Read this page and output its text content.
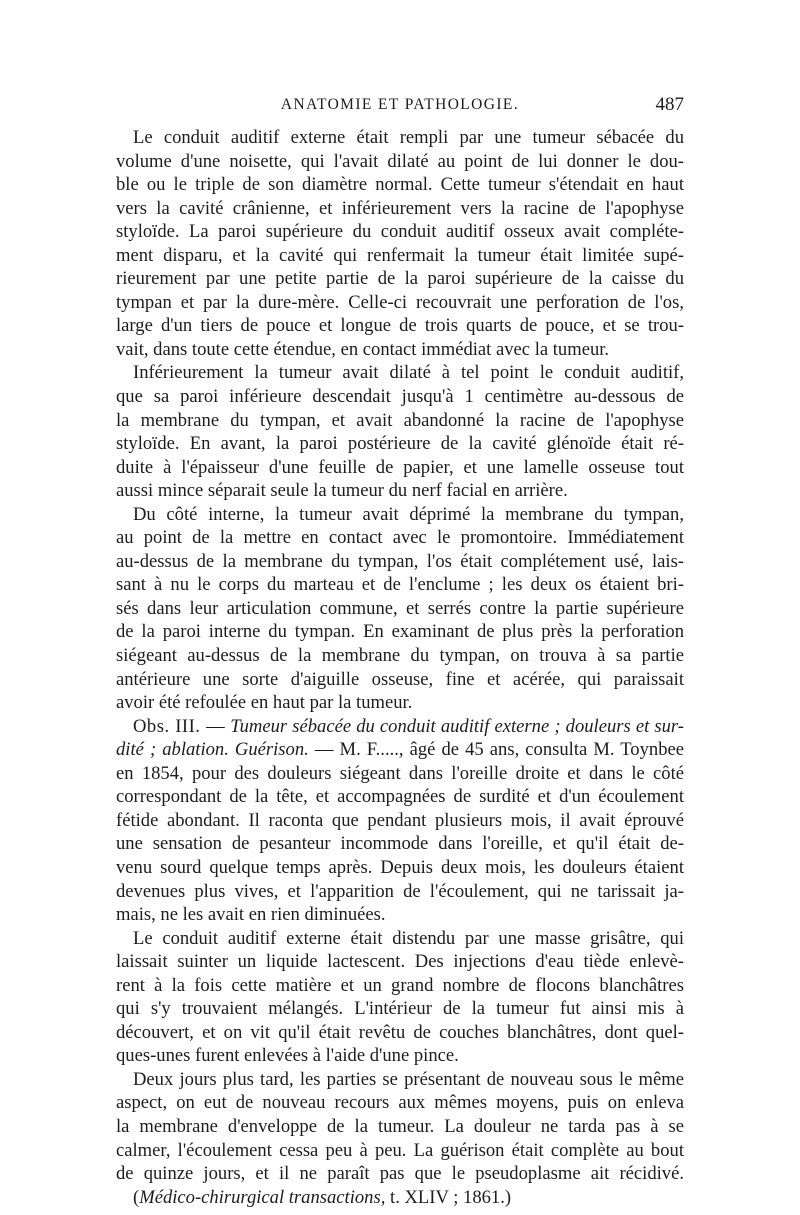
ANATOMIE ET PATHOLOGIE.	487
Le conduit auditif externe était rempli par une tumeur sébacée du
volume d'une noisette, qui l'avait dilaté au point de lui donner le dou-
ble ou le triple de son diamètre normal. Cette tumeur s'étendait en haut
vers la cavité crânienne, et inférieurement vers la racine de l'apophyse
styloïde. La paroi supérieure du conduit auditif osseux avait compléte-
ment disparu, et la cavité qui renfermait la tumeur était limitée supé-
rieurement par une petite partie de la paroi supérieure de la caisse du
tympan et par la dure-mère. Celle-ci recouvrait une perforation de l'os,
large d'un tiers de pouce et longue de trois quarts de pouce, et se trou-
vait, dans toute cette étendue, en contact immédiat avec la tumeur.
Inférieurement la tumeur avait dilaté à tel point le conduit auditif,
que sa paroi inférieure descendait jusqu'à 1 centimètre au-dessous de
la membrane du tympan, et avait abandonné la racine de l'apophyse
styloïde. En avant, la paroi postérieure de la cavité glénoïde était ré-
duite à l'épaisseur d'une feuille de papier, et une lamelle osseuse tout
aussi mince séparait seule la tumeur du nerf facial en arrière.
Du côté interne, la tumeur avait déprimé la membrane du tympan,
au point de la mettre en contact avec le promontoire. Immédiatement
au-dessus de la membrane du tympan, l'os était complétement usé, lais-
sant à nu le corps du marteau et de l'enclume ; les deux os étaient bri-
sés dans leur articulation commune, et serrés contre la partie supérieure
de la paroi interne du tympan. En examinant de plus près la perforation
siégeant au-dessus de la membrane du tympan, on trouva à sa partie
antérieure une sorte d'aiguille osseuse, fine et acérée, qui paraissait
avoir été refoulée en haut par la tumeur.
Obs. III. — Tumeur sébacée du conduit auditif externe ; douleurs et sur-
dité ; ablation. Guérison. — M. F....., âgé de 45 ans, consulta M. Toynbee
en 1854, pour des douleurs siégeant dans l'oreille droite et dans le côté
correspondant de la tête, et accompagnées de surdité et d'un écoulement
fétide abondant. Il raconta que pendant plusieurs mois, il avait éprouvé
une sensation de pesanteur incommode dans l'oreille, et qu'il était de-
venu sourd quelque temps après. Depuis deux mois, les douleurs étaient
devenues plus vives, et l'apparition de l'écoulement, qui ne tarissait ja-
mais, ne les avait en rien diminuées.
Le conduit auditif externe était distendu par une masse grisâtre, qui
laissait suinter un liquide lactescent. Des injections d'eau tiède enlevè-
rent à la fois cette matière et un grand nombre de flocons blanchâtres
qui s'y trouvaient mélangés. L'intérieur de la tumeur fut ainsi mis à
découvert, et on vit qu'il était revêtu de couches blanchâtres, dont quel-
ques-unes furent enlevées à l'aide d'une pince.
Deux jours plus tard, les parties se présentant de nouveau sous le même
aspect, on eut de nouveau recours aux mêmes moyens, puis on enleva
la membrane d'enveloppe de la tumeur. La douleur ne tarda pas à se
calmer, l'écoulement cessa peu à peu. La guérison était complète au bout
de quinze jours, et il ne paraît pas que le pseudoplasme ait récidivé.
(Médico-chirurgical transactions, t. XLIV ; 1861.)
